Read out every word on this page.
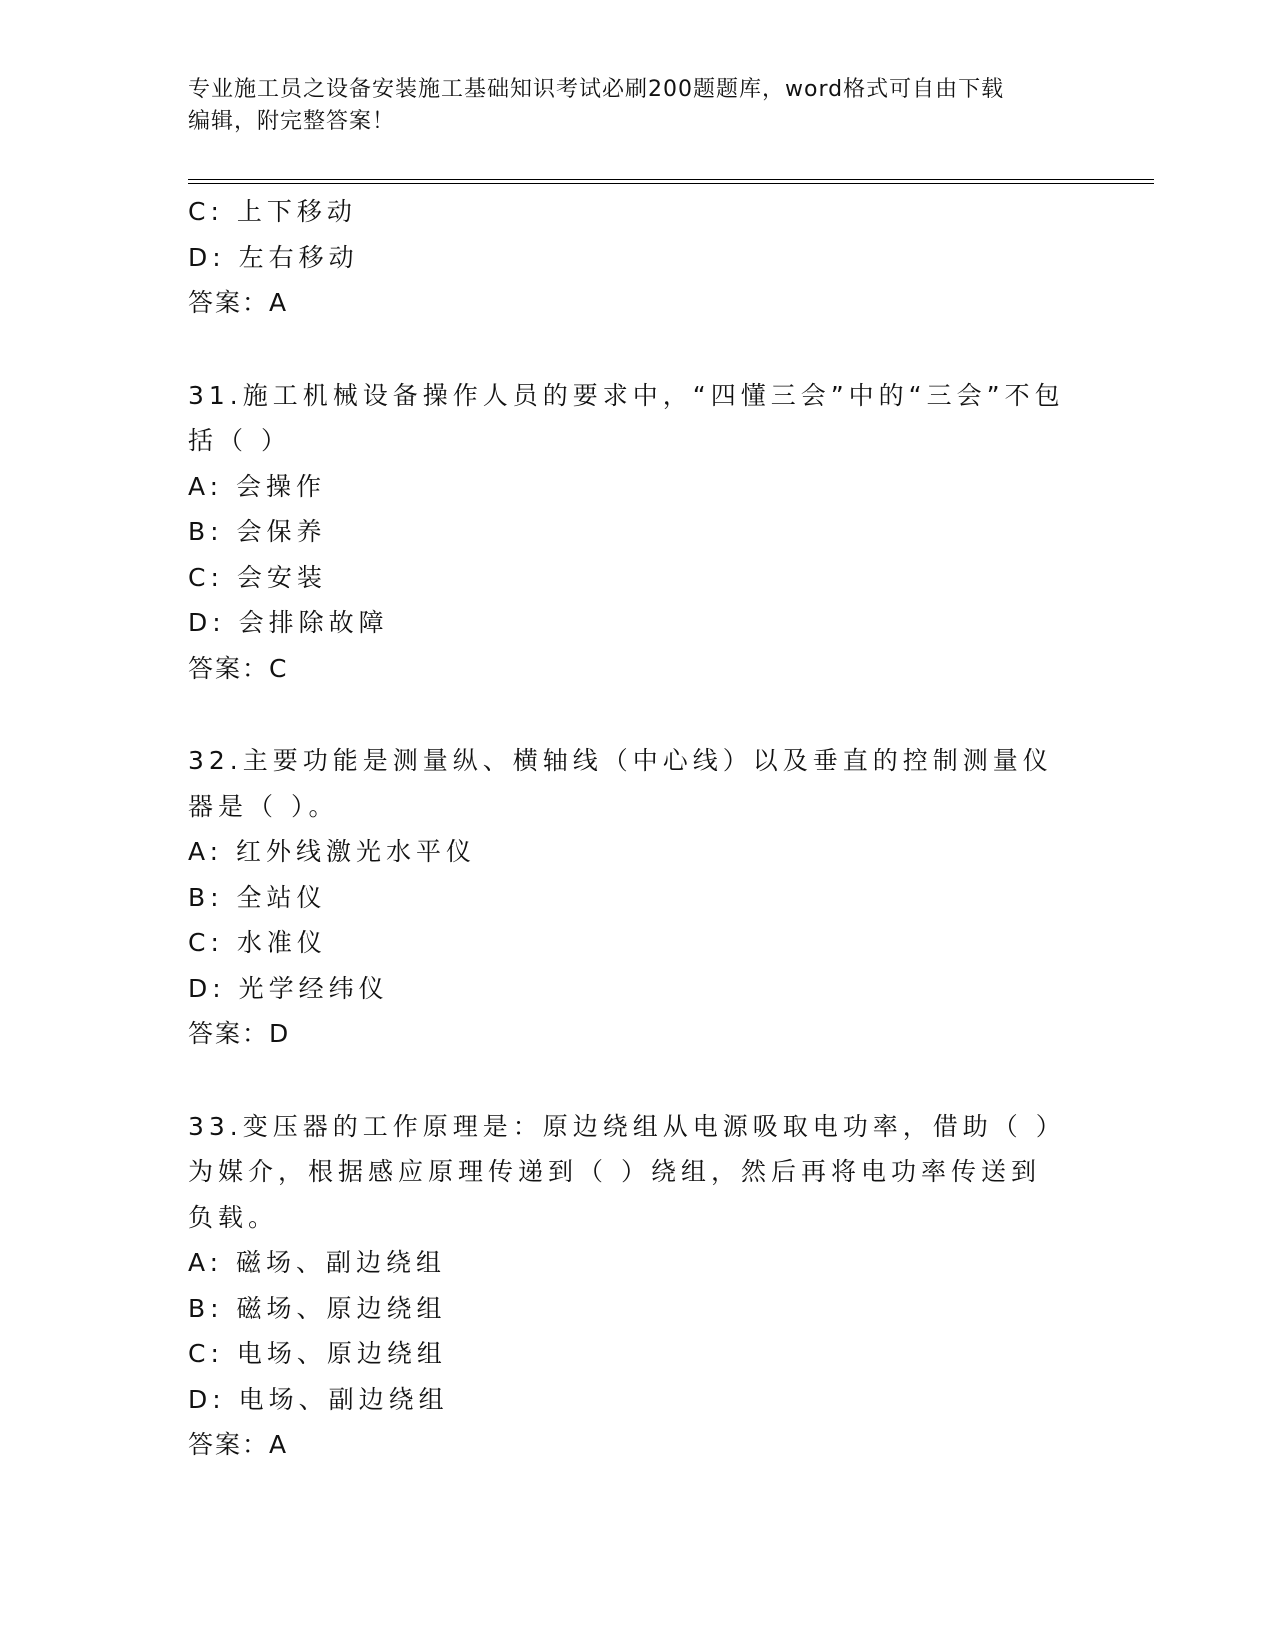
专业施工员之设备安装施工基础知识考试必刷200题题库，word格式可自由下载
编辑，附完整答案！
C: 上下移动
D: 左右移动
答案：A
31.施工机械设备操作人员的要求中，“四懂三会”中的“三会”不包括（ ）
A: 会操作
B: 会保养
C: 会安装
D: 会排除故障
答案：C
32.主要功能是测量纵、横轴线（中心线）以及垂直的控制测量仪器是（ ）。
A: 红外线激光水平仪
B: 全站仪
C: 水准仪
D: 光学经纬仪
答案：D
33.变压器的工作原理是：原边绕组从电源吸取电功率，借助（ ）为媒介，根据感应原理传递到（ ）绕组，然后再将电功率传送到负载。
A: 磁场、副边绕组
B: 磁场、原边绕组
C: 电场、原边绕组
D: 电场、副边绕组
答案：A
